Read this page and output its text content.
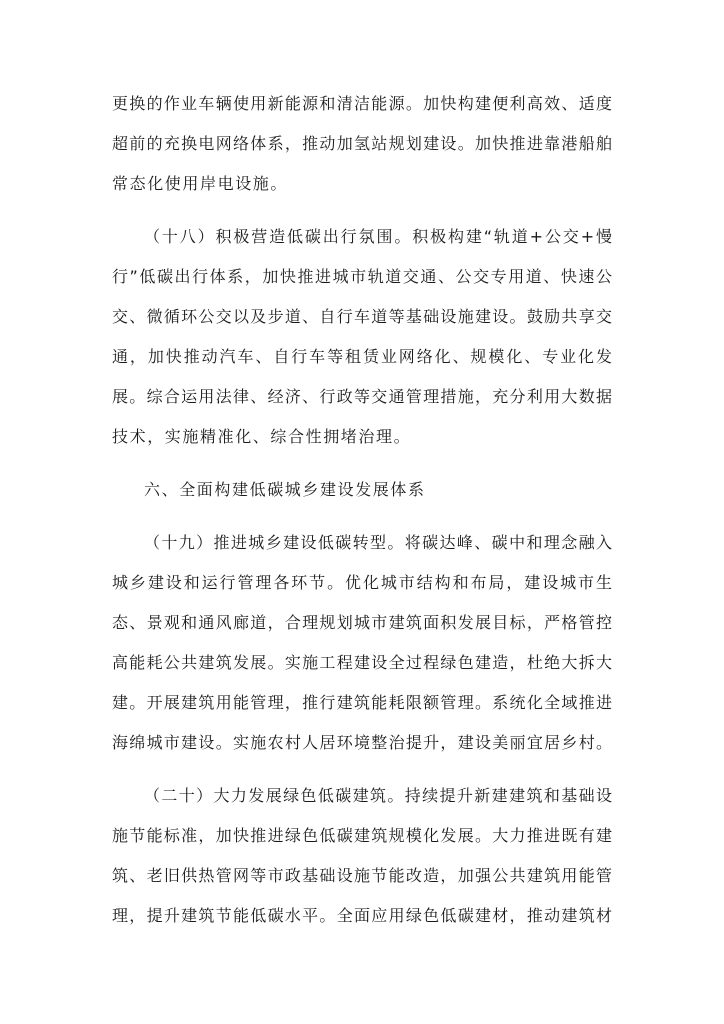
更换的作业车辆使用新能源和清洁能源。加快构建便利高效、适度
超前的充换电网络体系，推动加氢站规划建设。加快推进靠港船舶
常态化使用岸电设施。
（十八）积极营造低碳出行氛围。积极构建“轨道+公交+慢
行”低碳出行体系，加快推进城市轨道交通、公交专用道、快速公
交、微循环公交以及步道、自行车道等基础设施建设。鼓励共享交
通，加快推动汽车、自行车等租赁业网络化、规模化、专业化发
展。综合运用法律、经济、行政等交通管理措施，充分利用大数据
技术，实施精准化、综合性拥堵治理。
六、全面构建低碳城乡建设发展体系
（十九）推进城乡建设低碳转型。将碳达峰、碳中和理念融入
城乡建设和运行管理各环节。优化城市结构和布局，建设城市生
态、景观和通风廊道，合理规划城市建筑面积发展目标，严格管控
高能耗公共建筑发展。实施工程建设全过程绿色建造，杜绝大拆大
建。开展建筑用能管理，推行建筑能耗限额管理。系统化全域推进
海绵城市建设。实施农村人居环境整治提升，建设美丽宜居乡村。
（二十）大力发展绿色低碳建筑。持续提升新建建筑和基础设
施节能标准，加快推进绿色低碳建筑规模化发展。大力推进既有建
筑、老旧供热管网等市政基础设施节能改造，加强公共建筑用能管
理，提升建筑节能低碳水平。全面应用绿色低碳建材，推动建筑材
